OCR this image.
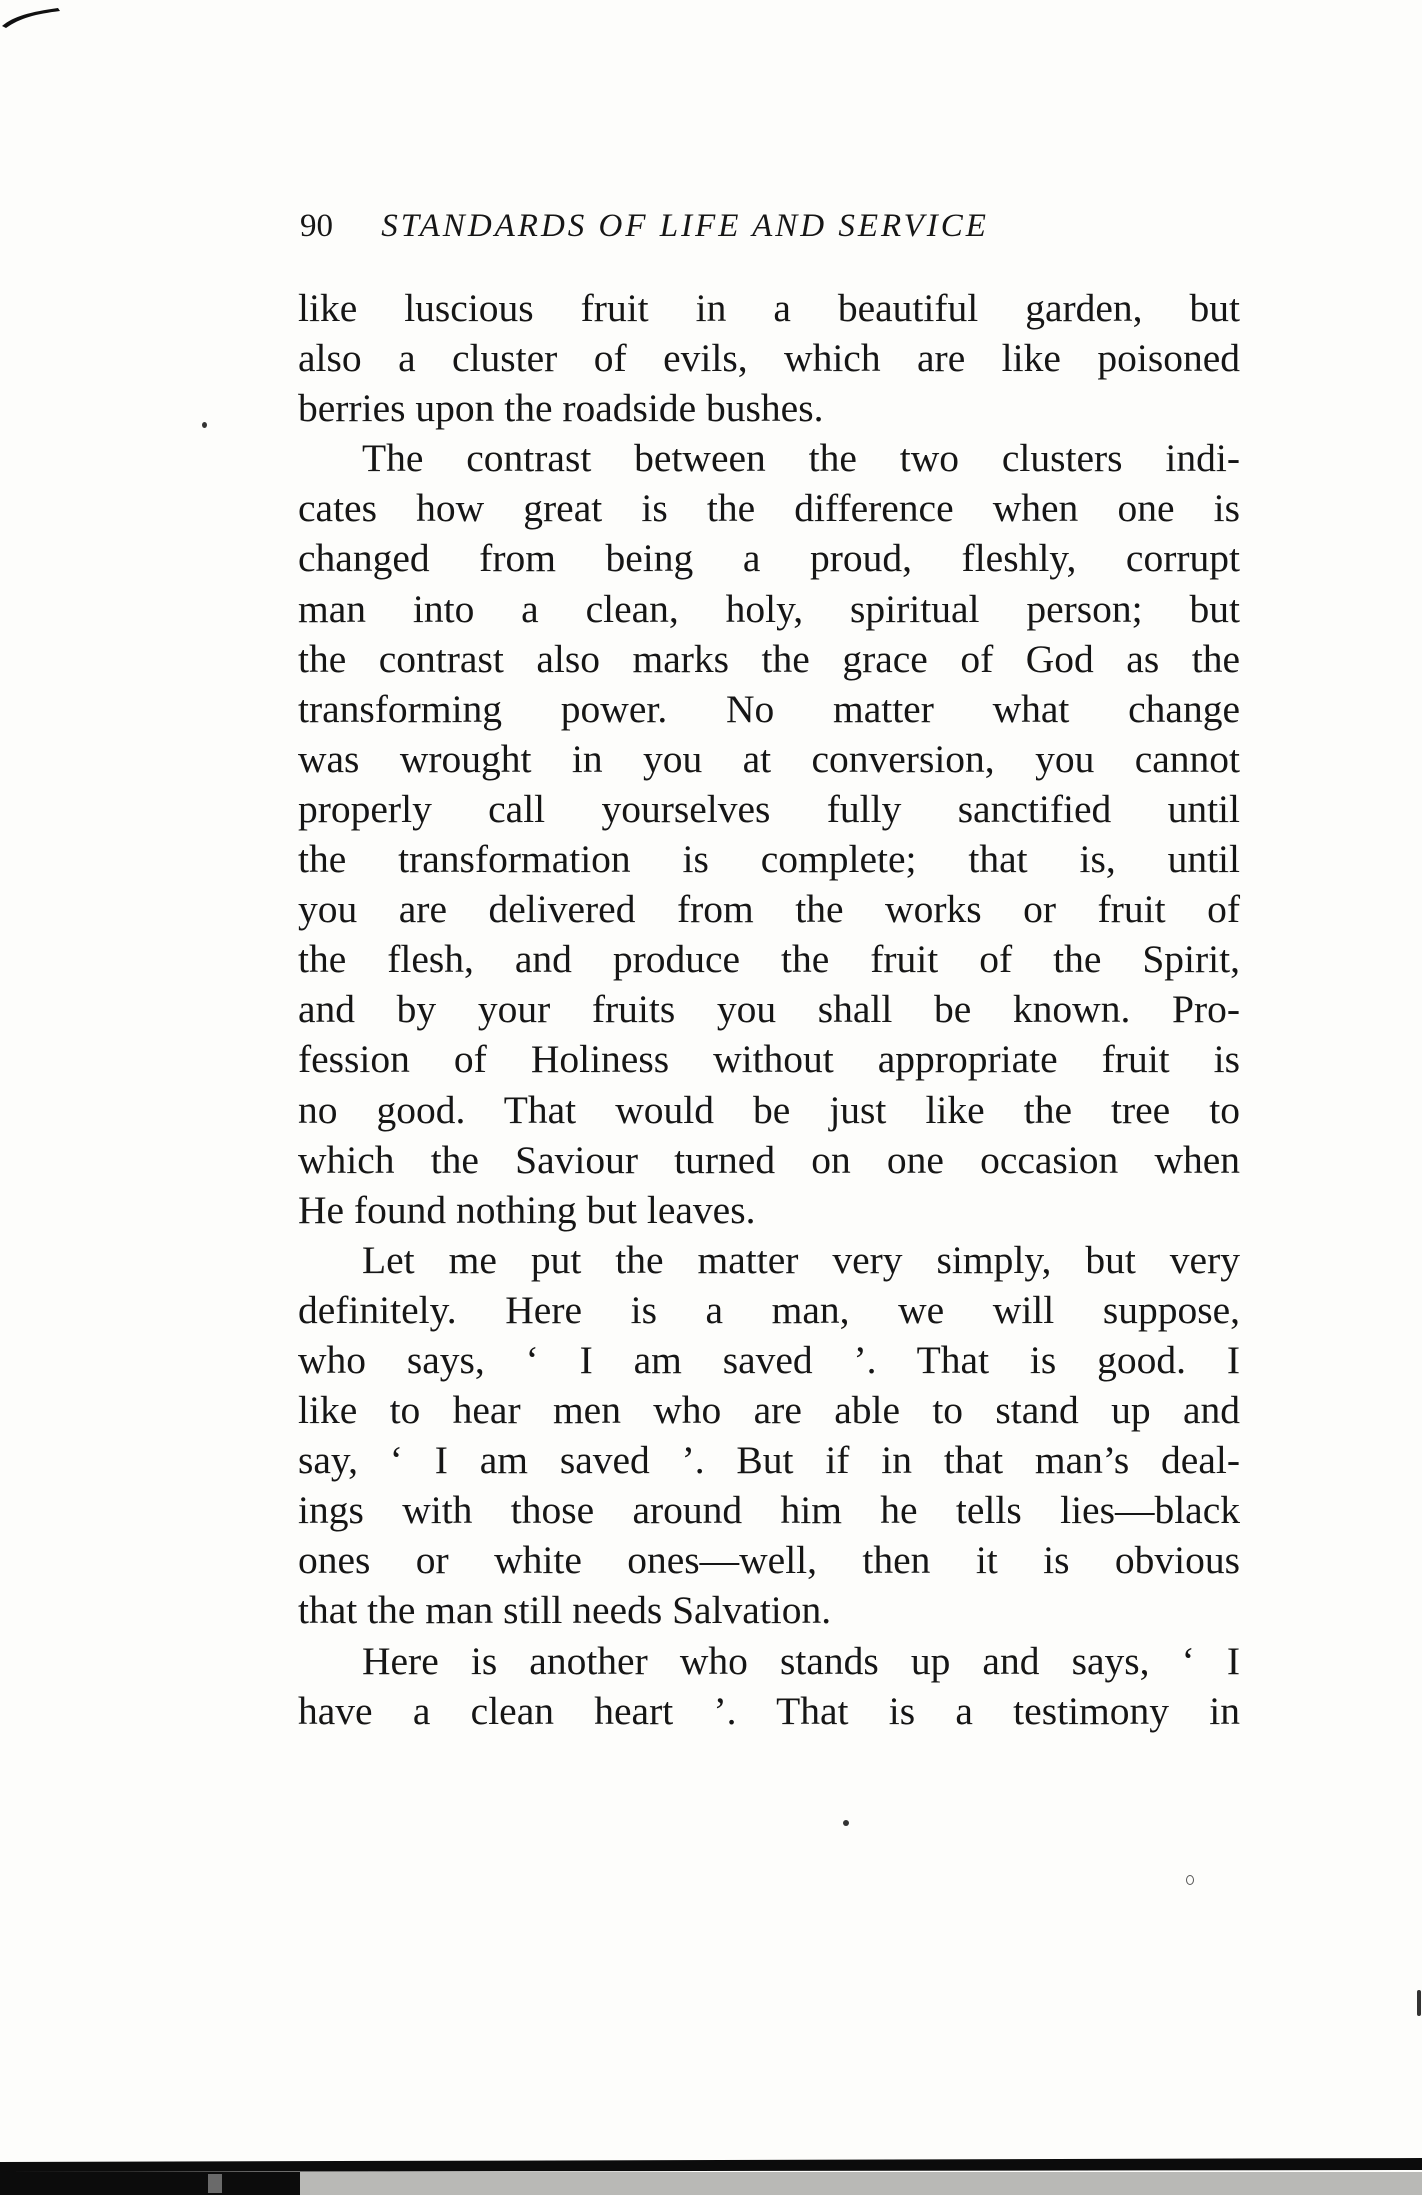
90 STANDARDS OF LIFE AND SERVICE
like luscious fruit in a beautiful garden, but
also a cluster of evils, which are like poisoned
berries upon the roadside bushes.
The contrast between the two clusters indi-
cates how great is the difference when one is
changed from being a proud, fleshly, corrupt
man into a clean, holy, spiritual person; but
the contrast also marks the grace of God as the
transforming power. No matter what change
was wrought in you at conversion, you cannot
properly call yourselves fully sanctified until
the transformation is complete; that is, until
you are delivered from the works or fruit of
the flesh, and produce the fruit of the Spirit,
and by your fruits you shall be known. Pro-
fession of Holiness without appropriate fruit is
no good. That would be just like the tree to
which the Saviour turned on one occasion when
He found nothing but leaves.
Let me put the matter very simply, but very
definitely. Here is a man, we will suppose,
who says, ‘ I am saved ’. That is good. I
like to hear men who are able to stand up and
say, ‘ I am saved ’. But if in that man’s deal-
ings with those around him he tells lies—black
ones or white ones—well, then it is obvious
that the man still needs Salvation.
Here is another who stands up and says, ‘ I
have a clean heart ’. That is a testimony in
